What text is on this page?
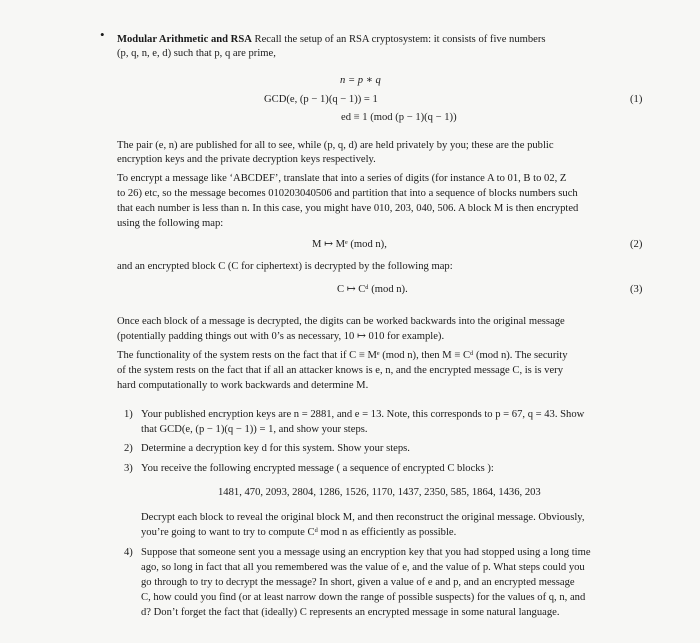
• Modular Arithmetic and RSA Recall the setup of an RSA cryptosystem: it consists of five numbers
(p, q, n, e, d) such that p, q are prime,
n = p ∗ q
GCD(e, (p − 1)(q − 1)) = 1
ed ≡ 1 (mod (p − 1)(q − 1))
(1)
The pair (e, n) are published for all to see, while (p, q, d) are held privately by you; these are the public
encryption keys and the private decryption keys respectively.
To encrypt a message like ‘ABCDEF’, translate that into a series of digits (for instance A to 01, B to 02, Z
to 26) etc, so the message becomes 010203040506 and partition that into a sequence of blocks numbers such
that each number is less than n. In this case, you might have 010, 203, 040, 506. A block M is then encrypted
using the following map:
M ↦ Mᵉ (mod n),	(2)
and an encrypted block C (C for ciphertext) is decrypted by the following map:
C ↦ Cᵈ (mod n).	(3)
Once each block of a message is decrypted, the digits can be worked backwards into the original message
(potentially padding things out with 0’s as necessary, 10 ↦ 010 for example).
The functionality of the system rests on the fact that if C ≡ Mᵉ (mod n), then M ≡ Cᵈ (mod n). The security
of the system rests on the fact that if all an attacker knows is e, n, and the encrypted message C, is is very
hard computationally to work backwards and determine M.
1) Your published encryption keys are n = 2881, and e = 13. Note, this corresponds to p = 67, q = 43. Show
that GCD(e, (p − 1)(q − 1)) = 1, and show your steps.
2) Determine a decryption key d for this system. Show your steps.
3) You receive the following encrypted message ( a sequence of encrypted C blocks ):
1481, 470, 2093, 2804, 1286, 1526, 1170, 1437, 2350, 585, 1864, 1436, 203
Decrypt each block to reveal the original block M, and then reconstruct the original message. Obviously,
you’re going to want to try to compute Cᵈ mod n as efficiently as possible.
4) Suppose that someone sent you a message using an encryption key that you had stopped using a long time
ago, so long in fact that all you remembered was the value of e, and the value of p. What steps could you
go through to try to decrypt the message? In short, given a value of e and p, and an encrypted message
C, how could you find (or at least narrow down the range of possible suspects) for the values of q, n, and
d? Don’t forget the fact that (ideally) C represents an encrypted message in some natural language.
